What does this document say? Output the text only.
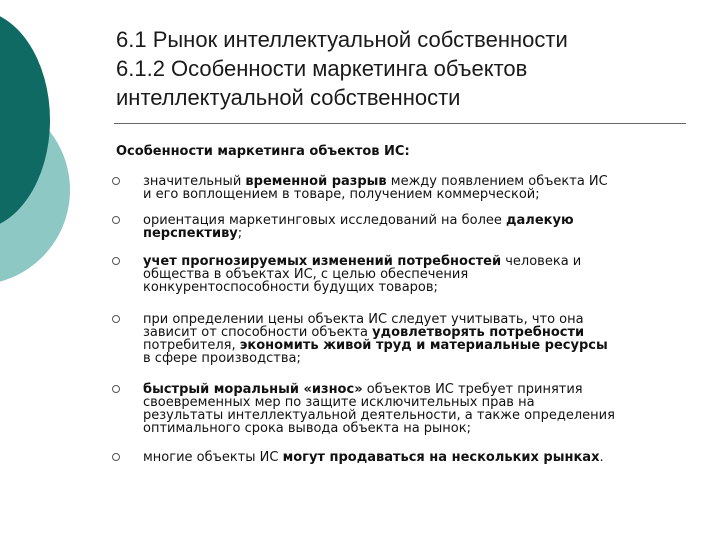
6.1 Рынок интеллектуальной собственности
6.1.2 Особенности маркетинга объектов
интеллектуальной собственности

Особенности маркетинга объектов ИС:

значительный временной разрыв между появлением объекта ИС
и его воплощением в товаре, получением коммерческой;
ориентация маркетинговых исследований на более далекую
перспективу;
учет прогнозируемых изменений потребностей человека и
общества в объектах ИС, с целью обеспечения
конкурентоспособности будущих товаров;
при определении цены объекта ИС следует учитывать, что она
зависит от способности объекта удовлетворять потребности
потребителя, экономить живой труд и материальные ресурсы
в сфере производства;
быстрый моральный «износ» объектов ИС требует принятия
своевременных мер по защите исключительных прав на
результаты интеллектуальной деятельности, а также определения
оптимального срока вывода объекта на рынок;
многие объекты ИС могут продаваться на нескольких рынках.
